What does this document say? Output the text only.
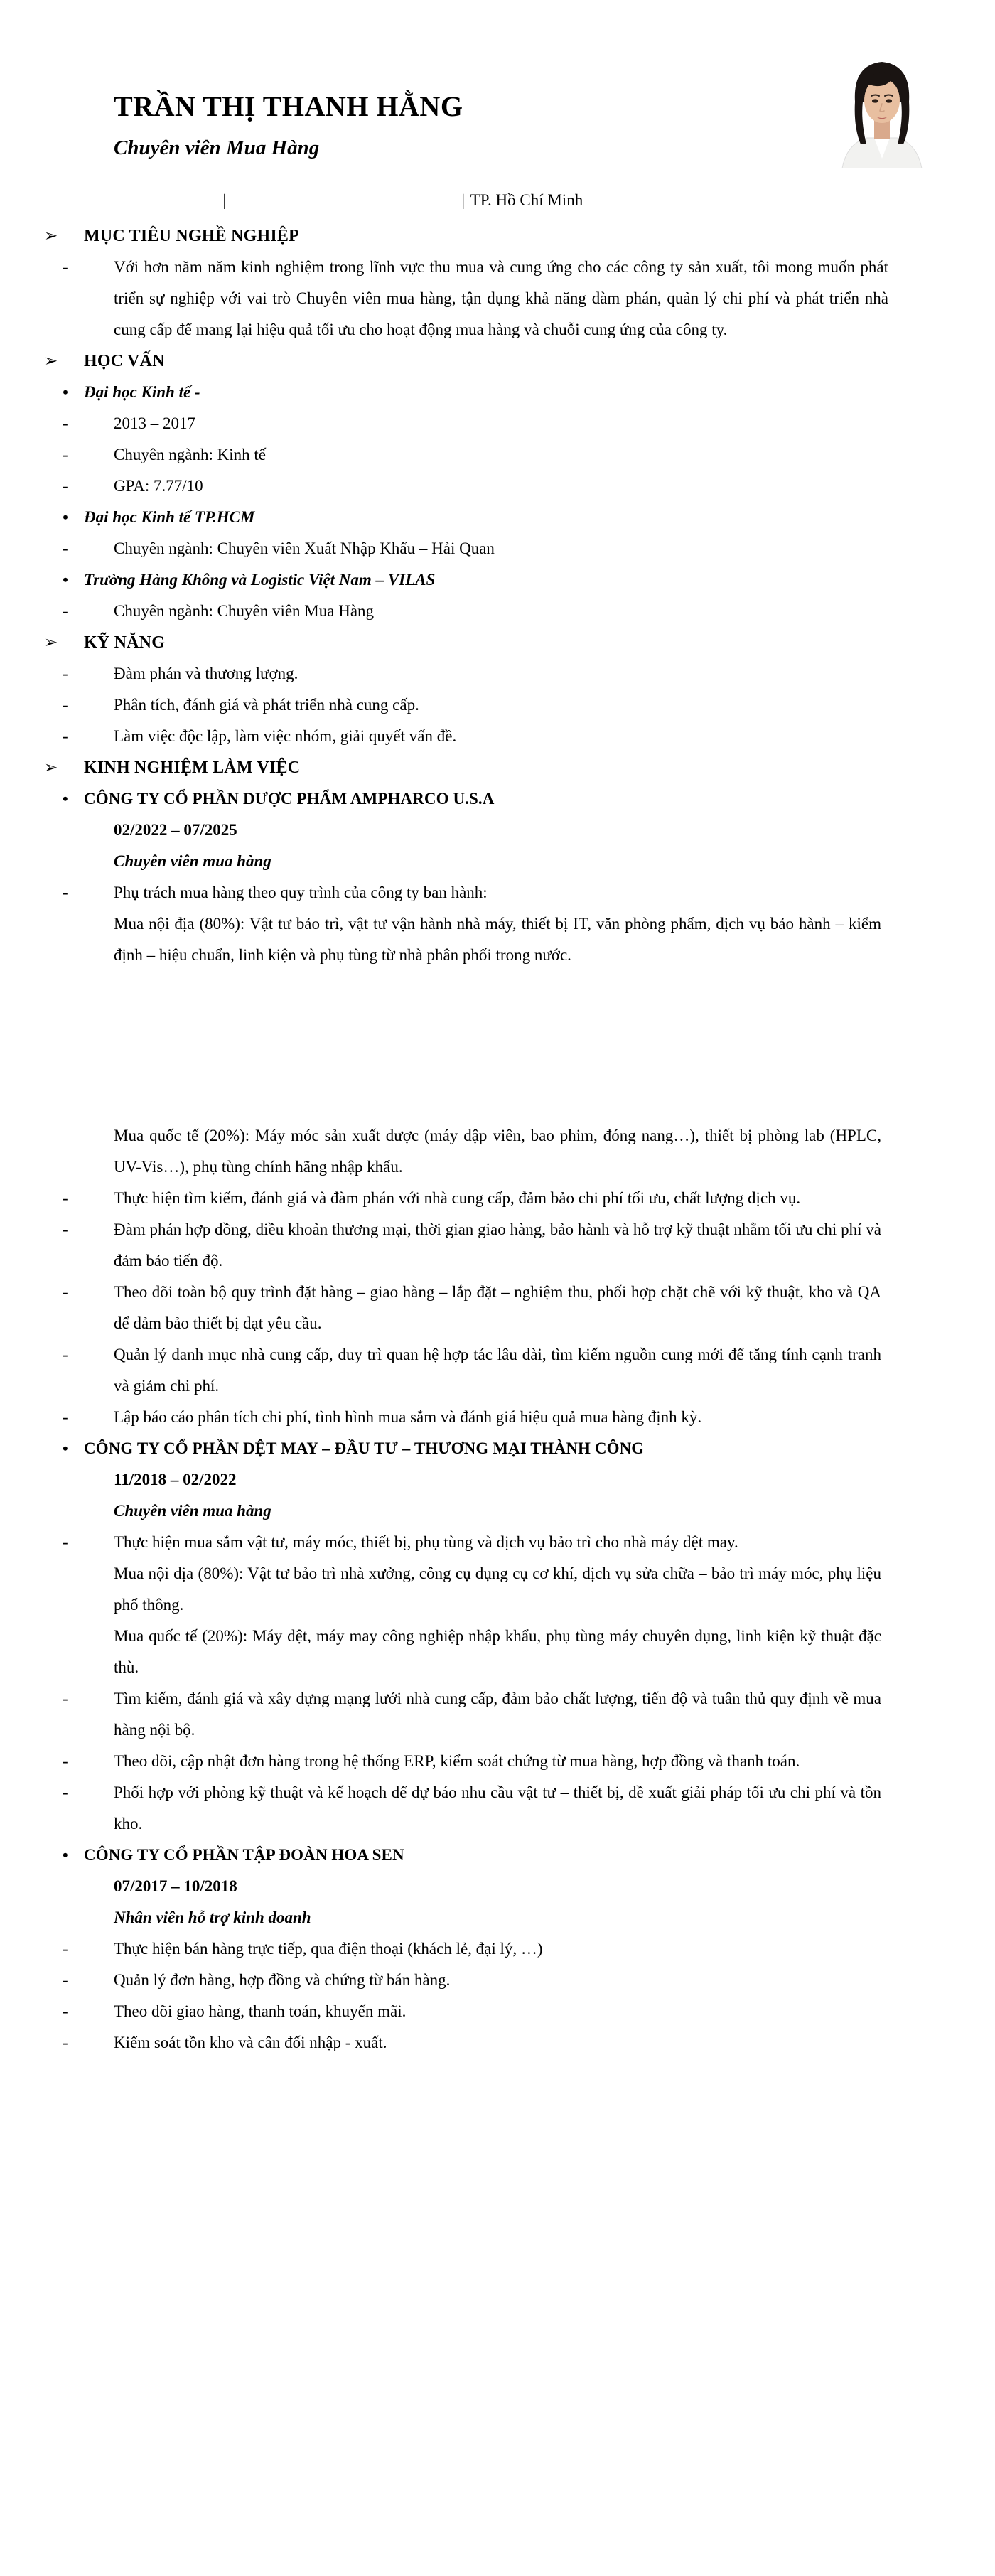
TRẦN THỊ THANH HẰNG
Chuyên viên Mua Hàng
|	| TP. Hồ Chí Minh
➢	MỤC TIÊU NGHỀ NGHIỆP
-	Với hơn năm năm kinh nghiệm trong lĩnh vực thu mua và cung ứng cho các công ty sản xuất, tôi mong muốn phát triển sự nghiệp với vai trò Chuyên viên mua hàng, tận dụng khả năng đàm phán, quản lý chi phí và phát triển nhà cung cấp để mang lại hiệu quả tối ưu cho hoạt động mua hàng và chuỗi cung ứng của công ty.
➢	HỌC VẤN
• Đại học Kinh tế -
-	2013 – 2017
-	Chuyên ngành: Kinh tế
-	GPA: 7.77/10
• Đại học Kinh tế TP.HCM
-	Chuyên ngành: Chuyên viên Xuất Nhập Khẩu – Hải Quan
• Trường Hàng Không và Logistic Việt Nam – VILAS
-	Chuyên ngành: Chuyên viên Mua Hàng
➢	KỸ NĂNG
-	Đàm phán và thương lượng.
-	Phân tích, đánh giá và phát triển nhà cung cấp.
-	Làm việc độc lập, làm việc nhóm, giải quyết vấn đề.
➢	KINH NGHIỆM LÀM VIỆC
• CÔNG TY CỔ PHẦN DƯỢC PHẨM AMPHARCO U.S.A
02/2022 – 07/2025
Chuyên viên mua hàng
-	Phụ trách mua hàng theo quy trình của công ty ban hành:
Mua nội địa (80%): Vật tư bảo trì, vật tư vận hành nhà máy, thiết bị IT, văn phòng phẩm, dịch vụ bảo hành – kiểm định – hiệu chuẩn, linh kiện và phụ tùng từ nhà phân phối trong nước.
Mua quốc tế (20%): Máy móc sản xuất dược (máy dập viên, bao phim, đóng nang…), thiết bị phòng lab (HPLC, UV-Vis…), phụ tùng chính hãng nhập khẩu.
-	Thực hiện tìm kiếm, đánh giá và đàm phán với nhà cung cấp, đảm bảo chi phí tối ưu, chất lượng dịch vụ.
-	Đàm phán hợp đồng, điều khoản thương mại, thời gian giao hàng, bảo hành và hỗ trợ kỹ thuật nhằm tối ưu chi phí và đảm bảo tiến độ.
-	Theo dõi toàn bộ quy trình đặt hàng – giao hàng – lắp đặt – nghiệm thu, phối hợp chặt chẽ với kỹ thuật, kho và QA để đảm bảo thiết bị đạt yêu cầu.
-	Quản lý danh mục nhà cung cấp, duy trì quan hệ hợp tác lâu dài, tìm kiếm nguồn cung mới để tăng tính cạnh tranh và giảm chi phí.
-	Lập báo cáo phân tích chi phí, tình hình mua sắm và đánh giá hiệu quả mua hàng định kỳ.
• CÔNG TY CỔ PHẦN DỆT MAY – ĐẦU TƯ – THƯƠNG MẠI THÀNH CÔNG
11/2018 – 02/2022
Chuyên viên mua hàng
-	Thực hiện mua sắm vật tư, máy móc, thiết bị, phụ tùng và dịch vụ bảo trì cho nhà máy dệt may.
Mua nội địa (80%): Vật tư bảo trì nhà xưởng, công cụ dụng cụ cơ khí, dịch vụ sửa chữa – bảo trì máy móc, phụ liệu phổ thông.
Mua quốc tế (20%): Máy dệt, máy may công nghiệp nhập khẩu, phụ tùng máy chuyên dụng, linh kiện kỹ thuật đặc thù.
-	Tìm kiếm, đánh giá và xây dựng mạng lưới nhà cung cấp, đảm bảo chất lượng, tiến độ và tuân thủ quy định về mua hàng nội bộ.
-	Theo dõi, cập nhật đơn hàng trong hệ thống ERP, kiểm soát chứng từ mua hàng, hợp đồng và thanh toán.
-	Phối hợp với phòng kỹ thuật và kế hoạch để dự báo nhu cầu vật tư – thiết bị, đề xuất giải pháp tối ưu chi phí và tồn kho.
• CÔNG TY CỔ PHẦN TẬP ĐOÀN HOA SEN
07/2017 – 10/2018
Nhân viên hỗ trợ kinh doanh
-	Thực hiện bán hàng trực tiếp, qua điện thoại (khách lẻ, đại lý, …)
-	Quản lý đơn hàng, hợp đồng và chứng từ bán hàng.
-	Theo dõi giao hàng, thanh toán, khuyến mãi.
-	Kiểm soát tồn kho và cân đối nhập - xuất.
